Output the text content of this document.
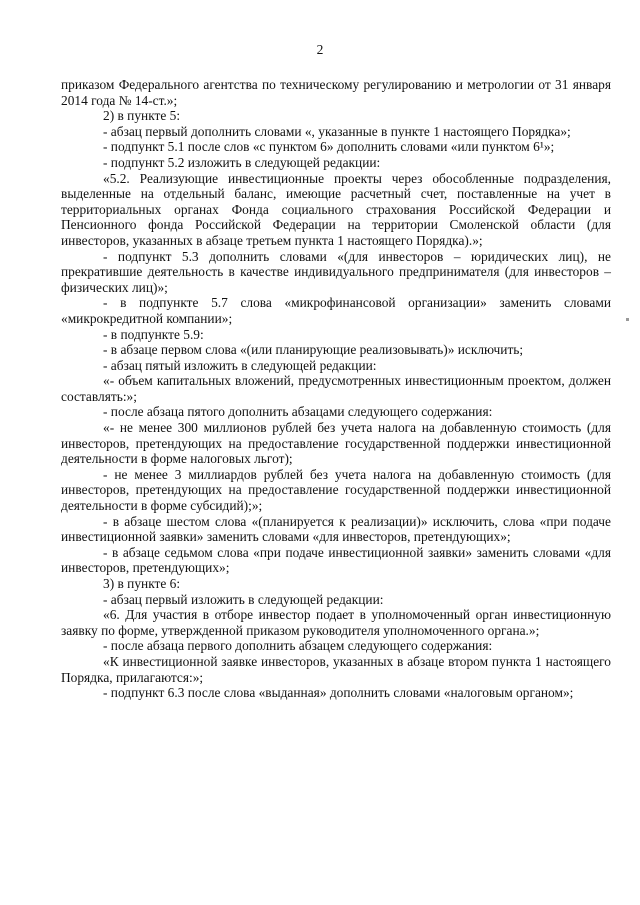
2

приказом Федерального агентства по техническому регулированию и метрологии от 31 января 2014 года № 14-ст.»;

2) в пункте 5:

- абзац первый дополнить словами «, указанные в пункте 1 настоящего Порядка»;

- подпункт 5.1 после слов «с пунктом 6» дополнить словами «или пунктом 6¹»;

- подпункт 5.2 изложить в следующей редакции:

«5.2. Реализующие инвестиционные проекты через обособленные подразделения, выделенные на отдельный баланс, имеющие расчетный счет, поставленные на учет в территориальных органах Фонда социального страхования Российской Федерации и Пенсионного фонда Российской Федерации на территории Смоленской области (для инвесторов, указанных в абзаце третьем пункта 1 настоящего Порядка).»;

- подпункт 5.3 дополнить словами «(для инвесторов – юридических лиц), не прекратившие деятельность в качестве индивидуального предпринимателя (для инвесторов – физических лиц)»;

- в подпункте 5.7 слова «микрофинансовой организации» заменить словами «микрокредитной компании»;

- в подпункте 5.9:

- в абзаце первом слова «(или планирующие реализовывать)» исключить;

- абзац пятый изложить в следующей редакции:

«- объем капитальных вложений, предусмотренных инвестиционным проектом, должен составлять:»;

- после абзаца пятого дополнить абзацами следующего содержания:

«- не менее 300 миллионов рублей без учета налога на добавленную стоимость (для инвесторов, претендующих на предоставление государственной поддержки инвестиционной деятельности в форме налоговых льгот);

- не менее 3 миллиардов рублей без учета налога на добавленную стоимость (для инвесторов, претендующих на предоставление государственной поддержки инвестиционной деятельности в форме субсидий);»;

- в абзаце шестом слова «(планируется к реализации)» исключить, слова «при подаче инвестиционной заявки» заменить словами «для инвесторов, претендующих»;

- в абзаце седьмом слова «при подаче инвестиционной заявки» заменить словами «для инвесторов, претендующих»;

3) в пункте 6:

- абзац первый изложить в следующей редакции:

«6. Для участия в отборе инвестор подает в уполномоченный орган инвестиционную заявку по форме, утвержденной приказом руководителя уполномоченного органа.»;

- после абзаца первого дополнить абзацем следующего содержания:

«К инвестиционной заявке инвесторов, указанных в абзаце втором пункта 1 настоящего Порядка, прилагаются:»;

- подпункт 6.3 после слова «выданная» дополнить словами «налоговым органом»;
